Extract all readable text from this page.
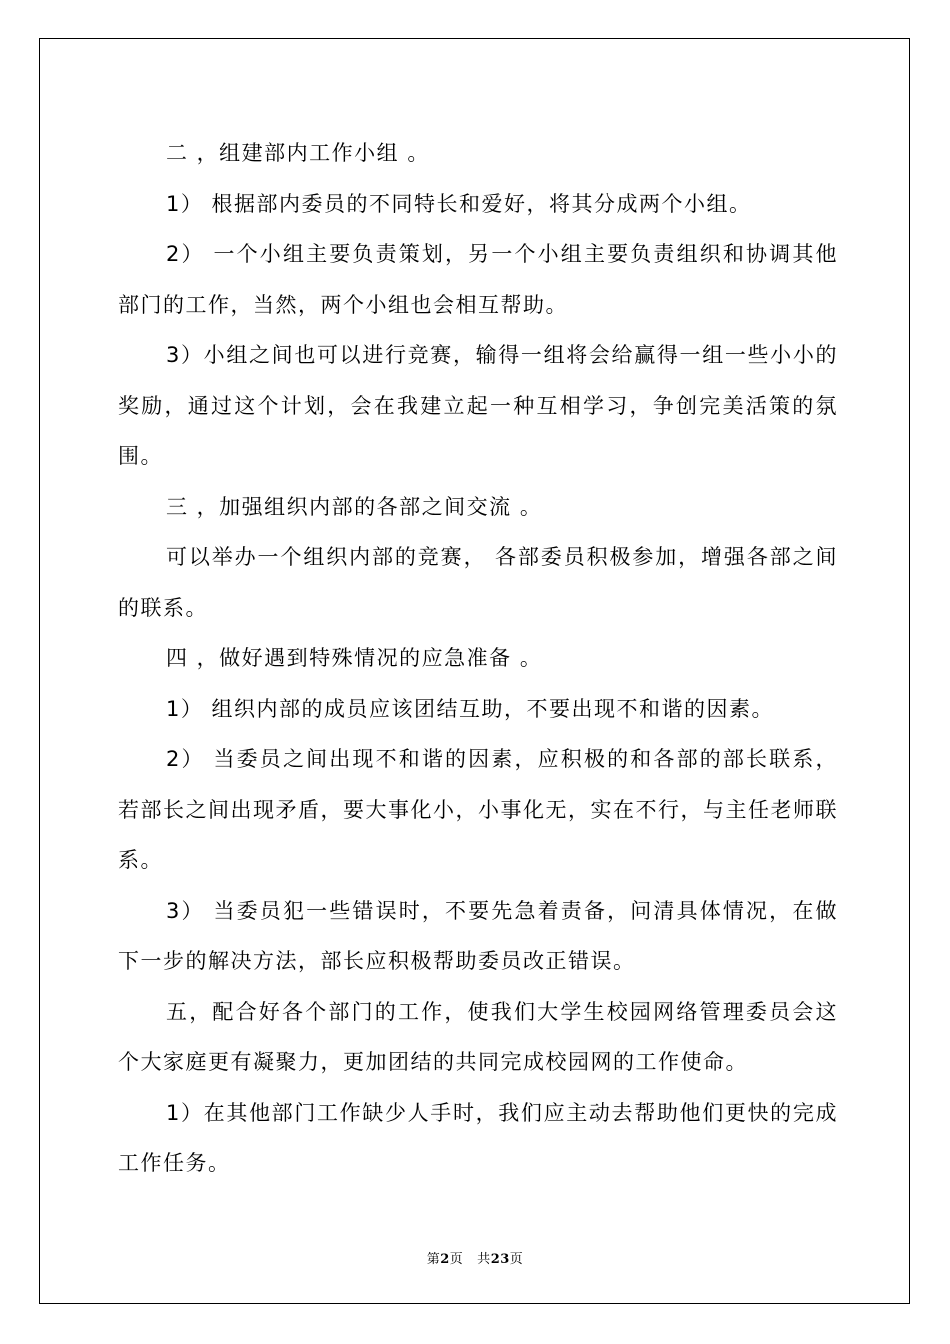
二 ，组建部内工作小组 。

1） 根据部内委员的不同特长和爱好，将其分成两个小组。

2） 一个小组主要负责策划，另一个小组主要负责组织和协调其他部门的工作，当然，两个小组也会相互帮助。

3）小组之间也可以进行竞赛，输得一组将会给赢得一组一些小小的奖励，通过这个计划，会在我建立起一种互相学习，争创完美活策的氛围。

三 ，加强组织内部的各部之间交流 。

可以举办一个组织内部的竞赛， 各部委员积极参加，增强各部之间的联系。

四 ，做好遇到特殊情况的应急准备 。

1） 组织内部的成员应该团结互助，不要出现不和谐的因素。

2） 当委员之间出现不和谐的因素，应积极的和各部的部长联系，若部长之间出现矛盾，要大事化小，小事化无，实在不行，与主任老师联系。

3） 当委员犯一些错误时，不要先急着责备，问清具体情况，在做下一步的解决方法，部长应积极帮助委员改正错误。

五，配合好各个部门的工作，使我们大学生校园网络管理委员会这个大家庭更有凝聚力，更加团结的共同完成校园网的工作使命。

1）在其他部门工作缺少人手时，我们应主动去帮助他们更快的完成工作任务。

第2页 共23页
